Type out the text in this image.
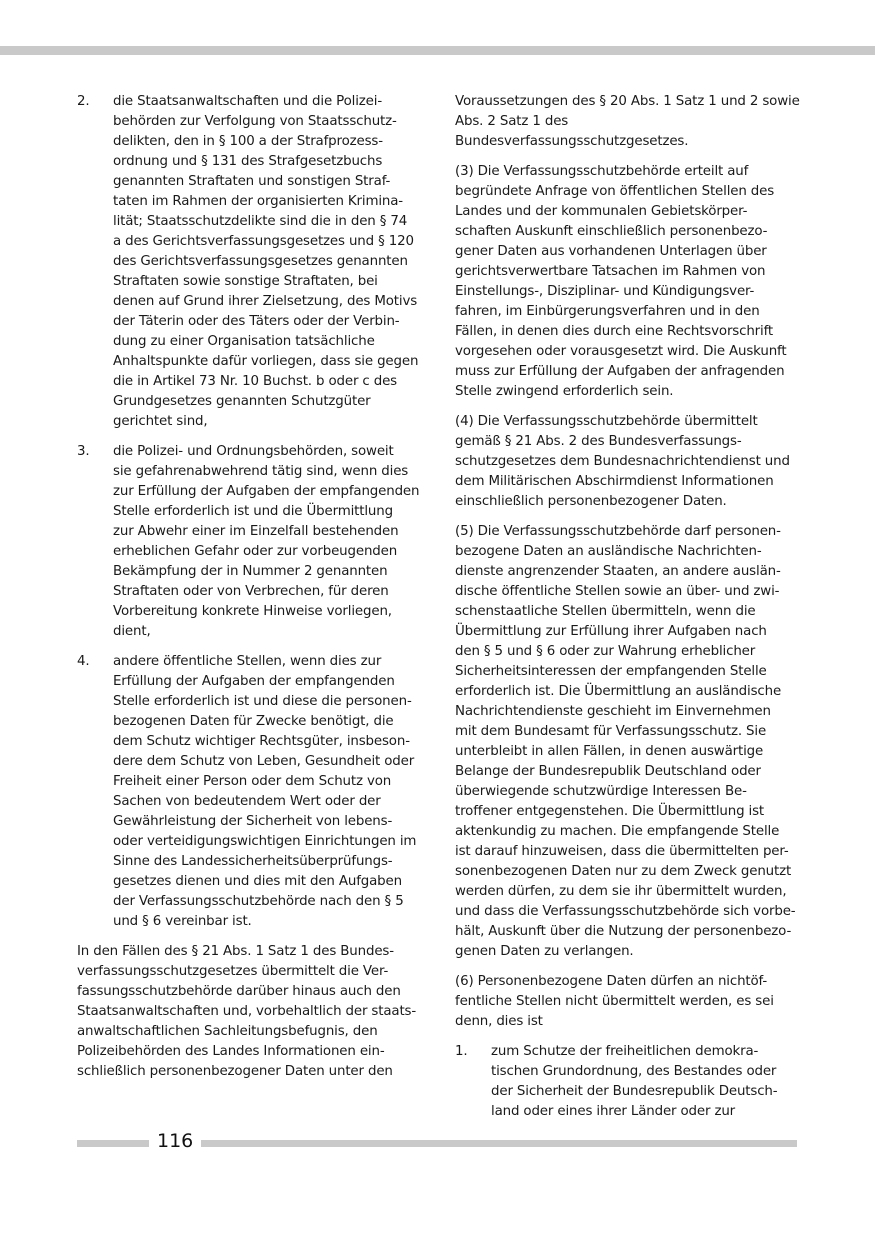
2.	die Staatsanwaltschaften und die Polizei-
behörden zur Verfolgung von Staatsschutz-
delikten, den in § 100 a der Strafprozess-
ordnung und § 131 des Strafgesetzbuchs
genannten Straftaten und sonstigen Straf-
taten im Rahmen der organisierten Krimina-
lität; Staatsschutzdelikte sind die in den § 74
a des Gerichtsverfassungsgesetzes und § 120
des Gerichtsverfassungsgesetzes genannten
Straftaten sowie sonstige Straftaten, bei
denen auf Grund ihrer Zielsetzung, des Motivs
der Täterin oder des Täters oder der Verbin-
dung zu einer Organisation tatsächliche
Anhaltspunkte dafür vorliegen, dass sie gegen
die in Artikel 73 Nr. 10 Buchst. b oder c des
Grundgesetzes genannten Schutzgüter
gerichtet sind,
3.	die Polizei- und Ordnungsbehörden, soweit
sie gefahrenabwehrend tätig sind, wenn dies
zur Erfüllung der Aufgaben der empfangenden
Stelle erforderlich ist und die Übermittlung
zur Abwehr einer im Einzelfall bestehenden
erheblichen Gefahr oder zur vorbeugenden
Bekämpfung der in Nummer 2 genannten
Straftaten oder von Verbrechen, für deren
Vorbereitung konkrete Hinweise vorliegen,
dient,
4.	andere öffentliche Stellen, wenn dies zur
Erfüllung der Aufgaben der empfangenden
Stelle erforderlich ist und diese die personen-
bezogenen Daten für Zwecke benötigt, die
dem Schutz wichtiger Rechtsgüter, insbeson-
dere dem Schutz von Leben, Gesundheit oder
Freiheit einer Person oder dem Schutz von
Sachen von bedeutendem Wert oder der
Gewährleistung der Sicherheit von lebens-
oder verteidigungswichtigen Einrichtungen im
Sinne des Landessicherheitsüberprüfungs-
gesetzes dienen und dies mit den Aufgaben
der Verfassungsschutzbehörde nach den § 5
und § 6 vereinbar ist.
In den Fällen des § 21 Abs. 1 Satz 1 des Bundes-
verfassungsschutzgesetzes übermittelt die Ver-
fassungsschutzbehörde darüber hinaus auch den
Staatsanwaltschaften und, vorbehaltlich der staats-
anwaltschaftlichen Sachleitungsbefugnis, den
Polizeibehörden des Landes Informationen ein-
schließlich personenbezogener Daten unter den
Voraussetzungen des § 20 Abs. 1 Satz 1 und 2 sowie
Abs. 2 Satz 1 des Bundesverfassungsschutzgesetzes.
(3) Die Verfassungsschutzbehörde erteilt auf
begründete Anfrage von öffentlichen Stellen des
Landes und der kommunalen Gebietskörper-
schaften Auskunft einschließlich personenbezo-
gener Daten aus vorhandenen Unterlagen über
gerichtsverwertbare Tatsachen im Rahmen von
Einstellungs-, Disziplinar- und Kündigungsver-
fahren, im Einbürgerungsverfahren und in den
Fällen, in denen dies durch eine Rechtsvorschrift
vorgesehen oder vorausgesetzt wird. Die Auskunft
muss zur Erfüllung der Aufgaben der anfragenden
Stelle zwingend erforderlich sein.
(4) Die Verfassungsschutzbehörde übermittelt
gemäß § 21 Abs. 2 des Bundesverfassungs-
schutzgesetzes dem Bundesnachrichtendienst und
dem Militärischen Abschirmdienst Informationen
einschließlich personenbezogener Daten.
(5) Die Verfassungsschutzbehörde darf personen-
bezogene Daten an ausländische Nachrichten-
dienste angrenzender Staaten, an andere auslän-
dische öffentliche Stellen sowie an über- und zwi-
schenstaatliche Stellen übermitteln, wenn die
Übermittlung zur Erfüllung ihrer Aufgaben nach
den § 5 und § 6 oder zur Wahrung erheblicher
Sicherheitsinteressen der empfangenden Stelle
erforderlich ist. Die Übermittlung an ausländische
Nachrichtendienste geschieht im Einvernehmen
mit dem Bundesamt für Verfassungsschutz. Sie
unterbleibt in allen Fällen, in denen auswärtige
Belange der Bundesrepublik Deutschland oder
überwiegende schutzwürdige Interessen Be-
troffener entgegenstehen. Die Übermittlung ist
aktenkundig zu machen. Die empfangende Stelle
ist darauf hinzuweisen, dass die übermittelten per-
sonenbezogenen Daten nur zu dem Zweck genutzt
werden dürfen, zu dem sie ihr übermittelt wurden,
und dass die Verfassungsschutzbehörde sich vorbe-
hält, Auskunft über die Nutzung der personenbezo-
genen Daten zu verlangen.
(6) Personenbezogene Daten dürfen an nichtöf-
fentliche Stellen nicht übermittelt werden, es sei
denn, dies ist
1.	zum Schutze der freiheitlichen demokra-
tischen Grundordnung, des Bestandes oder
der Sicherheit der Bundesrepublik Deutsch-
land oder eines ihrer Länder oder zur
116
